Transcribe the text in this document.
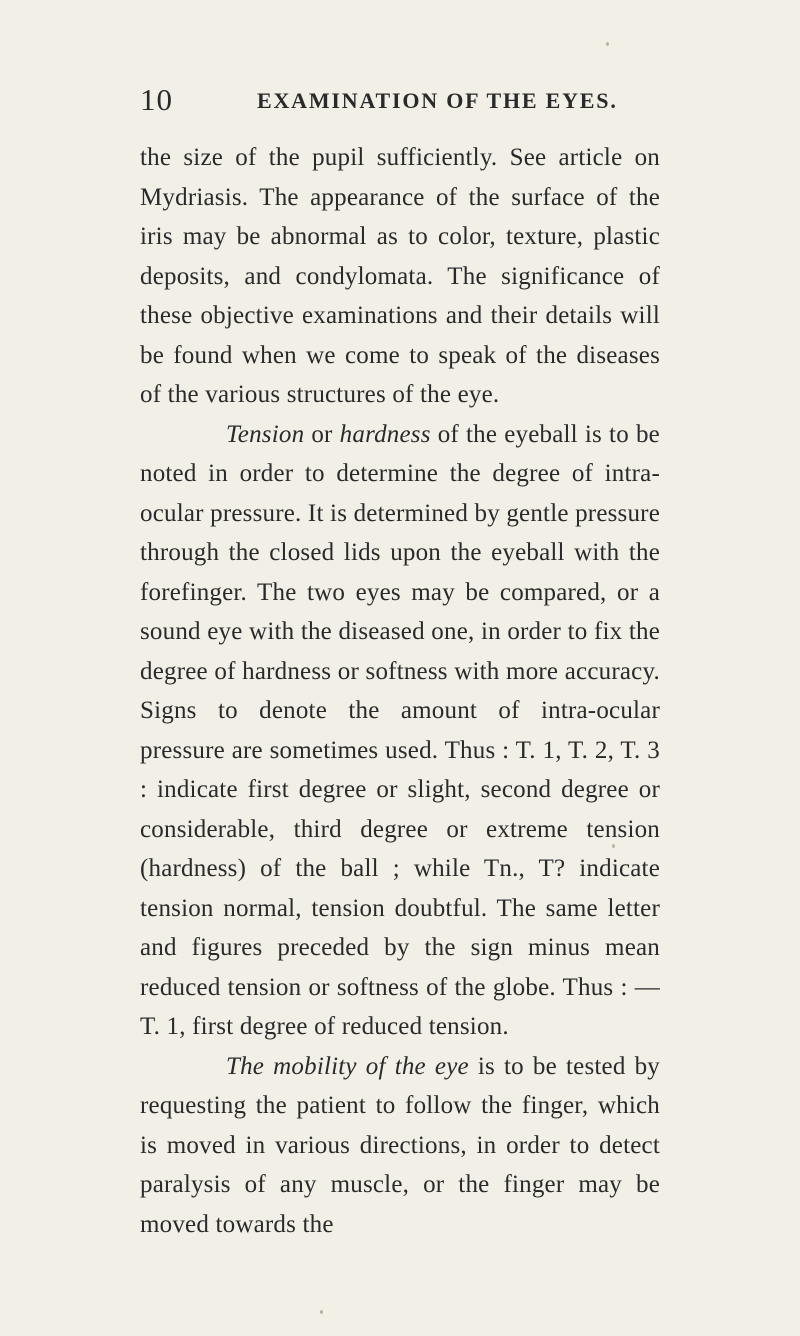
10	EXAMINATION OF THE EYES.

the size of the pupil sufficiently. See article on Mydriasis. The appearance of the surface of the iris may be abnormal as to color, texture, plastic deposits, and condylomata. The significance of these objective examinations and their details will be found when we come to speak of the diseases of the various structures of the eye.

Tension or hardness of the eyeball is to be noted in order to determine the degree of intra-ocular pressure. It is determined by gentle pressure through the closed lids upon the eyeball with the forefinger. The two eyes may be compared, or a sound eye with the diseased one, in order to fix the degree of hardness or softness with more accuracy. Signs to denote the amount of intra-ocular pressure are sometimes used. Thus : T. 1, T. 2, T. 3 : indicate first degree or slight, second degree or considerable, third degree or extreme tension (hardness) of the ball ; while Tn., T? indicate tension normal, tension doubtful. The same letter and figures preceded by the sign minus mean reduced tension or softness of the globe. Thus : —T. 1, first degree of reduced tension.

The mobility of the eye is to be tested by requesting the patient to follow the finger, which is moved in various directions, in order to detect paralysis of any muscle, or the finger may be moved towards the
